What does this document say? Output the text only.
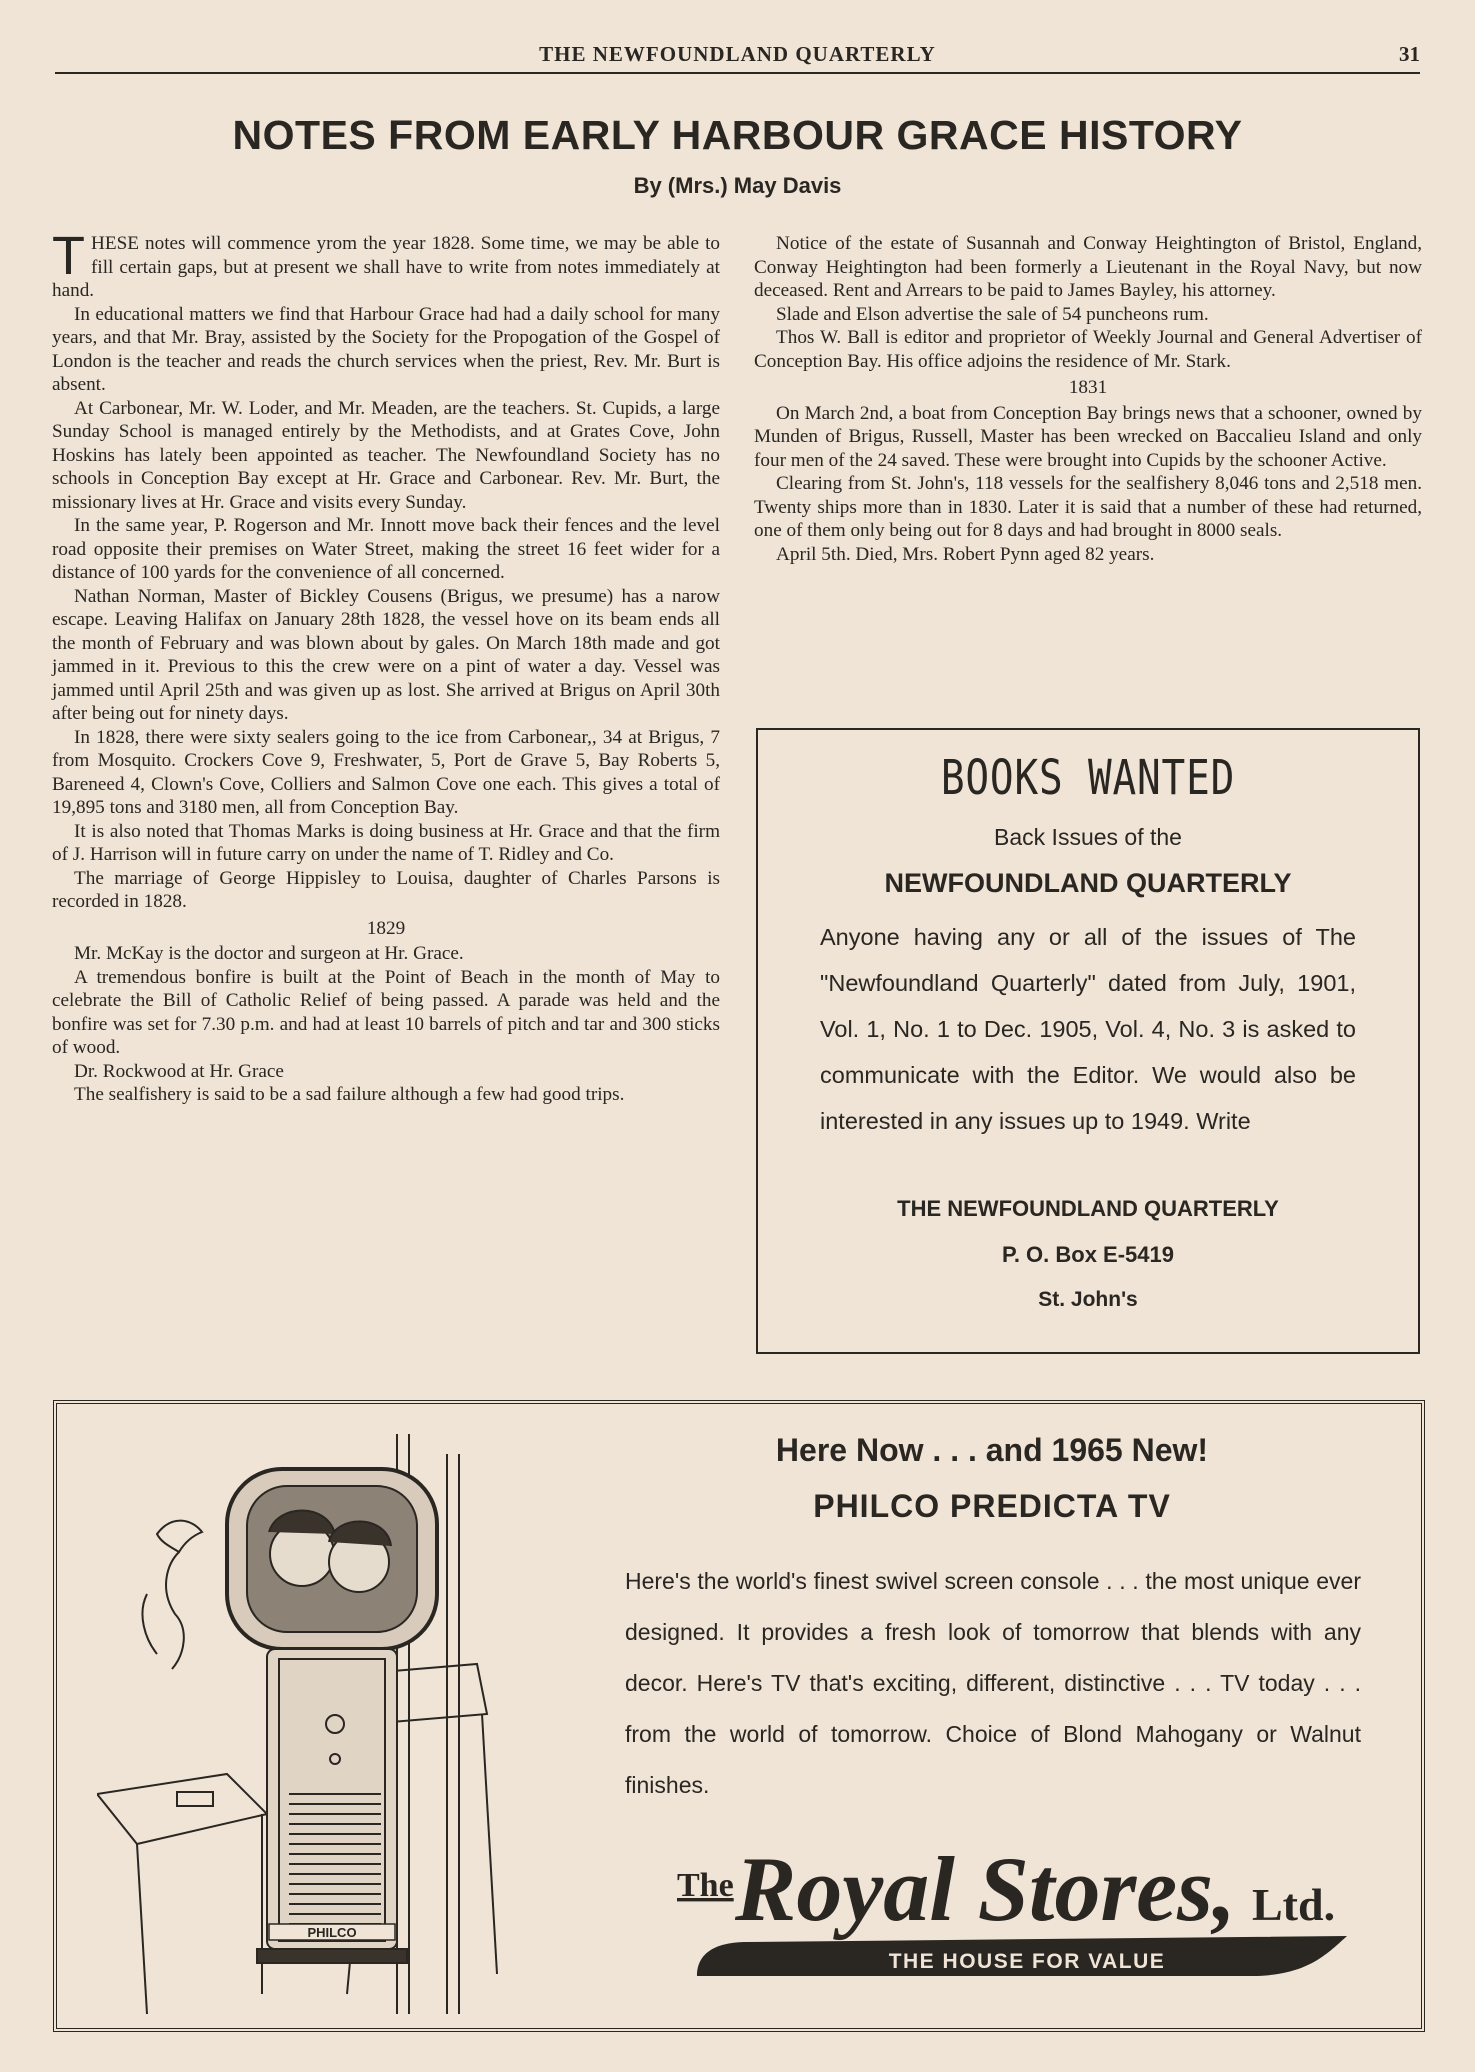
THE NEWFOUNDLAND QUARTERLY	31
NOTES FROM EARLY HARBOUR GRACE HISTORY
By (Mrs.) May Davis

THESE notes will commence yrom the year 1828. Some time, we may be able to fill certain gaps, but at present we shall have to write from notes immediately at hand.

In educational matters we find that Harbour Grace had had a daily school for many years, and that Mr. Bray, assisted by the Society for the Propogation of the Gospel of London is the teacher and reads the church services when the priest, Rev. Mr. Burt is absent.

At Carbonear, Mr. W. Loder, and Mr. Meaden, are the teachers. St. Cupids, a large Sunday School is managed entirely by the Methodists, and at Grates Cove, John Hoskins has lately been appointed as teacher. The Newfoundland Society has no schools in Conception Bay except at Hr. Grace and Carbonear. Rev. Mr. Burt, the missionary lives at Hr. Grace and visits every Sunday.

In the same year, P. Rogerson and Mr. Innott move back their fences and the level road opposite their premises on Water Street, making the street 16 feet wider for a distance of 100 yards for the convenience of all concerned.

Nathan Norman, Master of Bickley Cousens (Brigus, we presume) has a narow escape. Leaving Halifax on January 28th 1828, the vessel hove on its beam ends all the month of February and was blown about by gales. On March 18th made and got jammed in it. Previous to this the crew were on a pint of water a day. Vessel was jammed until April 25th and was given up as lost. She arrived at Brigus on April 30th after being out for ninety days.

In 1828, there were sixty sealers going to the ice from Carbonear,, 34 at Brigus, 7 from Mosquito. Crockers Cove 9, Freshwater, 5, Port de Grave 5, Bay Roberts 5, Bareneed 4, Clown's Cove, Colliers and Salmon Cove one each. This gives a total of 19,895 tons and 3180 men, all from Conception Bay.

It is also noted that Thomas Marks is doing business at Hr. Grace and that the firm of J. Harrison will in future carry on under the name of T. Ridley and Co.

The marriage of George Hippisley to Louisa, daughter of Charles Parsons is recorded in 1828.

1829

Mr. McKay is the doctor and surgeon at Hr. Grace.

A tremendous bonfire is built at the Point of Beach in the month of May to celebrate the Bill of Catholic Relief of being passed. A parade was held and the bonfire was set for 7.30 p.m. and had at least 10 barrels of pitch and tar and 300 sticks of wood.

Dr. Rockwood at Hr. Grace

The sealfishery is said to be a sad failure although a few had good trips.

Notice of the estate of Susannah and Conway Heightington of Bristol, England, Conway Heightington had been formerly a Lieutenant in the Royal Navy, but now deceased. Rent and Arrears to be paid to James Bayley, his attorney.

Slade and Elson advertise the sale of 54 puncheons rum.

Thos W. Ball is editor and proprietor of Weekly Journal and General Advertiser of Conception Bay. His office adjoins the residence of Mr. Stark.

1831

On March 2nd, a boat from Conception Bay brings news that a schooner, owned by Munden of Brigus, Russell, Master has been wrecked on Baccalieu Island and only four men of the 24 saved. These were brought into Cupids by the schooner Active.

Clearing from St. John's, 118 vessels for the sealfishery 8,046 tons and 2,518 men. Twenty ships more than in 1830. Later it is said that a number of these had returned, one of them only being out for 8 days and had brought in 8000 seals.

April 5th. Died, Mrs. Robert Pynn aged 82 years.

BOOKS WANTED
Back Issues of the
NEWFOUNDLAND QUARTERLY
Anyone having any or all of the issues of The "Newfoundland Quarterly" dated from July, 1901, Vol. 1, No. 1 to Dec. 1905, Vol. 4, No. 3 is asked to communicate with the Editor. We would also be interested in any issues up to 1949. Write
THE NEWFOUNDLAND QUARTERLY
P. O. Box E-5419
St. John's
PHILCO
Here Now . . . and 1965 New!
PHILCO PREDICTA TV
Here's the world's finest swivel screen console . . . the most unique ever designed. It provides a fresh look of tomorrow that blends with any decor. Here's TV that's exciting, different, distinctive . . . TV today . . . from the world of tomorrow. Choice of Blond Mahogany or Walnut finishes.
The Royal Stores, Ltd.
THE HOUSE FOR VALUE
